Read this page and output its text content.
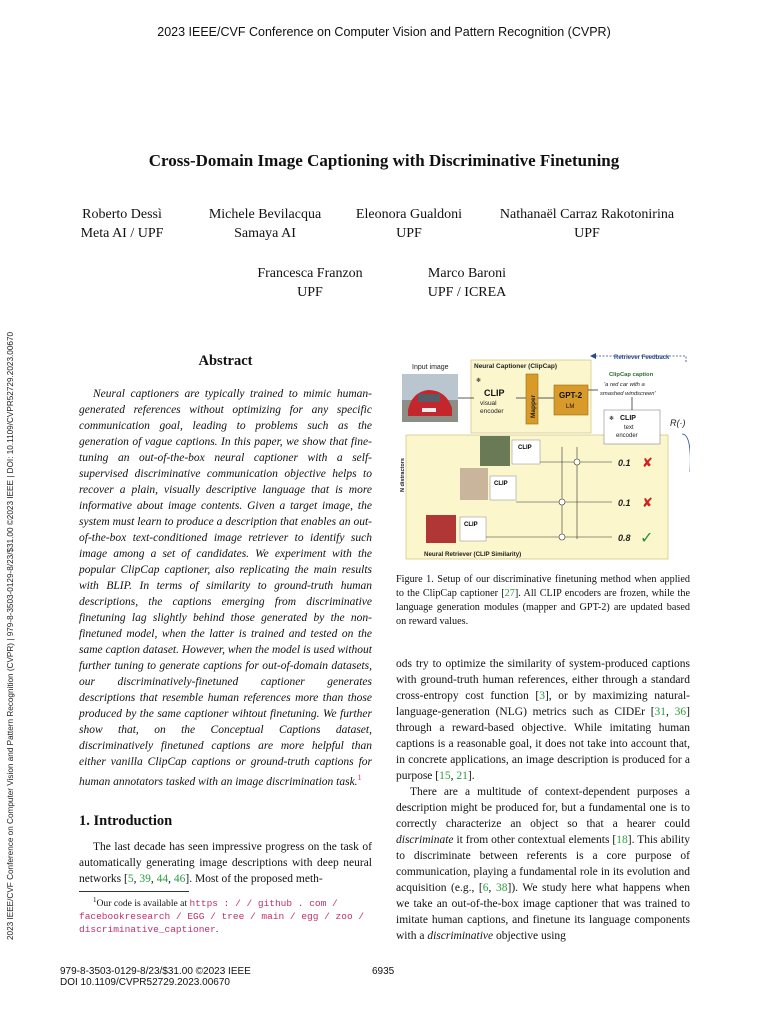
2023 IEEE/CVF Conference on Computer Vision and Pattern Recognition (CVPR)
Cross-Domain Image Captioning with Discriminative Finetuning
Roberto Dessì
Meta AI / UPF
Michele Bevilacqua
Samaya AI
Eleonora Gualdoni
UPF
Nathanaël Carraz Rakotonirina
UPF
Francesca Franzon
UPF
Marco Baroni
UPF / ICREA
2023 IEEE/CVF Conference on Computer Vision and Pattern Recognition (CVPR) | 979-8-3503-0129-8/23/$31.00 ©2023 IEEE | DOI: 10.1109/CVPR52729.2023.00670	Abstract

Neural captioners are typically trained to mimic human-generated references without optimizing for any specific communication goal, leading to problems such as the generation of vague captions. In this paper, we show that fine-tuning an out-of-the-box neural captioner with a self-supervised discriminative communication objective helps to recover a plain, visually descriptive language that is more informative about image contents. Given a target image, the system must learn to produce a description that enables an out-of-the-box text-conditioned image retriever to identify such image among a set of candidates. We experiment with the popular ClipCap captioner, also replicating the main results with BLIP. In terms of similarity to ground-truth human descriptions, the captions emerging from discriminative finetuning lag slightly behind those generated by the non-finetuned model, when the latter is trained and tested on the same caption dataset. However, when the model is used without further tuning to generate captions for out-of-domain datasets, our discriminatively-finetuned captioner generates descriptions that resemble human references more than those produced by the same captioner wihtout finetuning. We further show that, on the Conceptual Captions dataset, discriminatively finetuned captions are more helpful than either vanilla ClipCap captions or ground-truth captions for human annotators tasked with an image discrimination task.$^1$

1. Introduction

The last decade has seen impressive progress on the task of automatically generating image descriptions with deep neural networks [5, 39, 44, 46]. Most of the proposed meth-

$^1$Our code is available at https : / / github . com /
facebookresearch / EGG / tree / main / egg / zoo /
discriminative_captioner.
Input image	Neural Captioner (ClipCap)
❄
CLIP
visual
encoder	Mapper	GPT-2
LM
Retriever Feedback
ClipCap caption
'a red car with a
smashed windscreen'
❄ CLIP
text
encoder
R(·)
N distractors
CLIP
CLIP
CLIP
0.1
0.1
0.8
✘
✘
✓
Neural Retriever (CLIP Similarity)
Figure 1. Setup of our discriminative finetuning method when applied to the ClipCap captioner [27]. All CLIP encoders are frozen, while the language generation modules (mapper and GPT-2) are updated based on reward values.

ods try to optimize the similarity of system-produced captions with ground-truth human references, either through a standard cross-entropy cost function [3], or by maximizing natural-language-generation (NLG) metrics such as CIDEr [31, 36] through a reward-based objective. While imitating human captions is a reasonable goal, it does not take into account that, in concrete applications, an image description is produced for a purpose [15, 21].

There are a multitude of context-dependent purposes a description might be produced for, but a fundamental one is to correctly characterize an object so that a hearer could discriminate it from other contextual elements [18]. This ability to discriminate between referents is a core purpose of communication, playing a fundamental role in its evolution and acquisition (e.g., [6, 38]). We study here what happens when we take an out-of-the-box image captioner that was trained to imitate human captions, and finetune its language components with a discriminative objective using

979-8-3503-0129-8/23/$31.00 ©2023 IEEE
DOI 10.1109/CVPR52729.2023.00670
6935
